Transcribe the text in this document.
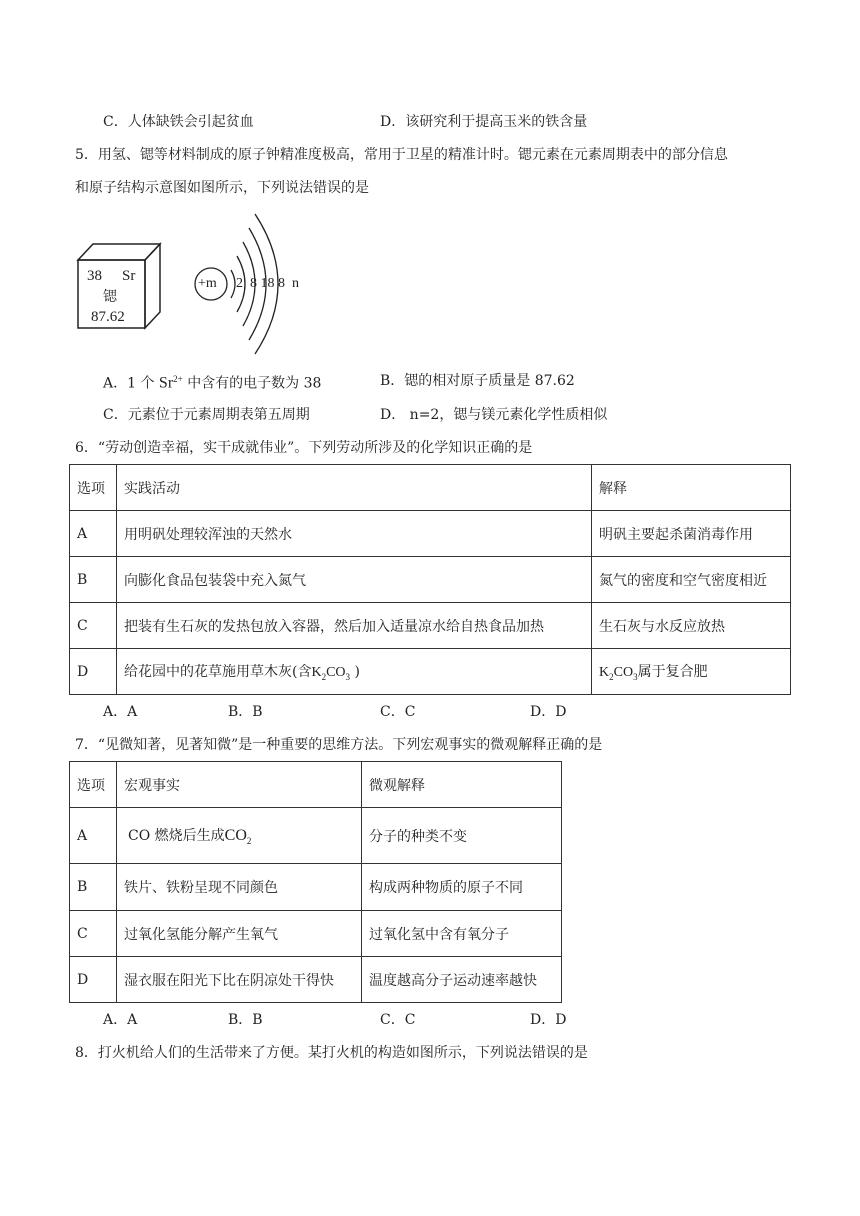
C．人体缺铁会引起贫血	D．该研究利于提高玉米的铁含量
5．用氢、锶等材料制成的原子钟精准度极高，常用于卫星的精准计时。锶元素在元素周期表中的部分信息
和原子结构示意图如图所示，下列说法错误的是
38 Sr
锶
87.62
+m 2  8 18 8  n
A．1 个 $Sr^{2+}$ 中含有的电子数为 38	B．锶的相对原子质量是 87.62
C．元素位于元素周期表第五周期	D． n=2，锶与镁元素化学性质相似
6．“劳动创造幸福，实干成就伟业”。下列劳动所涉及的化学知识正确的是
选项	实践活动	解释
A	用明矾处理较浑浊的天然水	明矾主要起杀菌消毒作用
B	向膨化食品包装袋中充入氮气	氮气的密度和空气密度相近
C	把装有生石灰的发热包放入容器，然后加入适量凉水给自热食品加热	生石灰与水反应放热
D	给花园中的花草施用草木灰(含$K_2CO_3$ )	$K_2CO_3$属于复合肥
A．A	B．B	C．C	D．D
7．“见微知著，见著知微”是一种重要的思维方法。下列宏观事实的微观解释正确的是
选项	宏观事实	微观解释
A	CO 燃烧后生成$CO_2$	分子的种类不变
B	铁片、铁粉呈现不同颜色	构成两种物质的原子不同
C	过氧化氢能分解产生氧气	过氧化氢中含有氧分子
D	湿衣服在阳光下比在阴凉处干得快	温度越高分子运动速率越快
A．A	B．B	C．C	D．D
8．打火机给人们的生活带来了方便。某打火机的构造如图所示，下列说法错误的是
